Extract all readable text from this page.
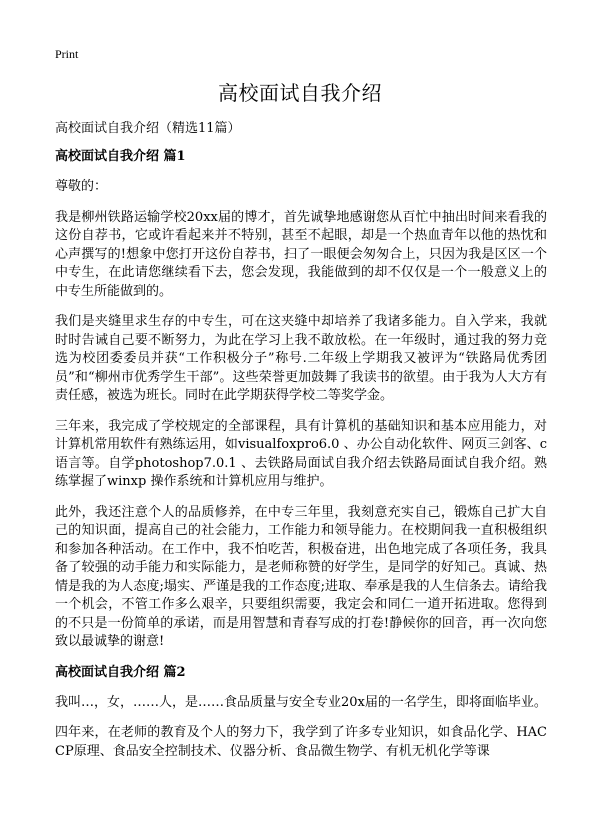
Print
高校面试自我介绍
高校面试自我介绍（精选11篇）
高校面试自我介绍 篇1

尊敬的：

我是柳州铁路运输学校20xx届的博才，首先诚挚地感谢您从百忙中抽出时间来看我的这份自荐书，它或许看起来并不特别，甚至不起眼，却是一个热血青年以他的热忱和心声撰写的!想象中您打开这份自荐书，扫了一眼便会匆匆合上，只因为我是区区一个中专生，在此请您继续看下去，您会发现，我能做到的却不仅仅是一个一般意义上的中专生所能做到的。

我们是夹缝里求生存的中专生，可在这夹缝中却培养了我诸多能力。自入学来，我就时时告诫自己要不断努力，为此在学习上我不敢放松。在一年级时，通过我的努力竞选为校团委委员并获“工作积极分子”称号.二年级上学期我又被评为“铁路局优秀团员”和“柳州市优秀学生干部”。这些荣誉更加鼓舞了我读书的欲望。由于我为人大方有责任感，被选为班长。同时在此学期获得学校二等奖学金。

三年来，我完成了学校规定的全部课程，具有计算机的基础知识和基本应用能力，对计算机常用软件有熟练运用，如visualfoxpro6.0 、办公自动化软件、网页三剑客、c语言等。自学photoshop7.0.1 、去铁路局面试自我介绍去铁路局面试自我介绍。熟练掌握了winxp 操作系统和计算机应用与维护。

此外，我还注意个人的品质修养，在中专三年里，我刻意充实自己，锻炼自己扩大自己的知识面，提高自己的社会能力，工作能力和领导能力。在校期间我一直积极组织和参加各种活动。在工作中，我不怕吃苦，积极奋进，出色地完成了各项任务，我具备了较强的动手能力和实际能力，是老师称赞的好学生，是同学的好知己。真诚、热情是我的为人态度;塌实、严谨是我的工作态度;进取、奉承是我的人生信条去。请给我一个机会，不管工作多么艰辛，只要组织需要，我定会和同仁一道开拓进取。您得到的不只是一份简单的承诺，而是用智慧和青春写成的打卷!静候你的回音，再一次向您致以最诚挚的谢意!

高校面试自我介绍 篇2

我叫…，女，……人，是……食品质量与安全专业20x届的一名学生，即将面临毕业。

四年来，在老师的教育及个人的努力下，我学到了许多专业知识，如食品化学、HACCP原理、食品安全控制技术、仪器分析、食品微生物学、有机无机化学等课
